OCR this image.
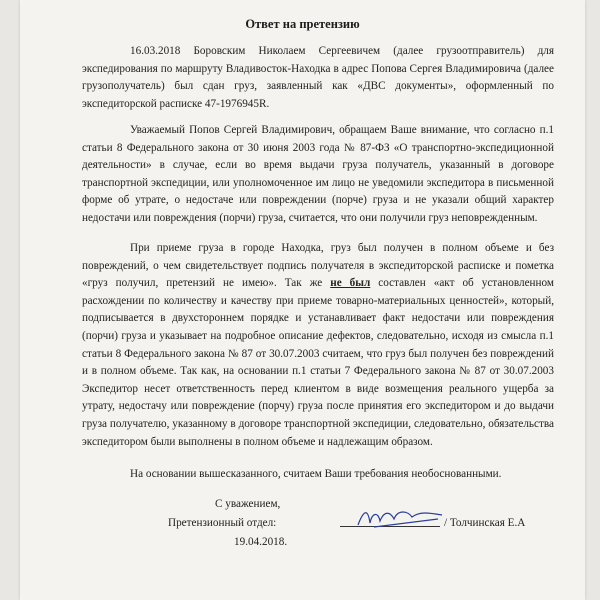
Ответ на претензию
16.03.2018 Боровским Николаем Сергеевичем (далее грузоотправитель) для экспедирования по маршруту Владивосток-Находка в адрес Попова Сергея Владимировича (далее грузополучатель) был сдан груз, заявленный как «ДВС документы», оформленный по экспедиторской расписке 47-1976945R.
Уважаемый Попов Сергей Владимирович, обращаем Ваше внимание, что согласно п.1 статьи 8 Федерального закона от 30 июня 2003 года № 87-ФЗ «О транспортно-экспедиционной деятельности» в случае, если во время выдачи груза получатель, указанный в договоре транспортной экспедиции, или уполномоченное им лицо не уведомили экспедитора в письменной форме об утрате, о недостаче или повреждении (порче) груза и не указали общий характер недостачи или повреждения (порчи) груза, считается, что они получили груз неповрежденным.
При приеме груза в городе Находка, груз был получен в полном объеме и без повреждений, о чем свидетельствует подпись получателя в экспедиторской расписке и пометка «груз получил, претензий не имею». Так же не был составлен «акт об установленном расхождении по количеству и качеству при приеме товарно-материальных ценностей», который, подписывается в двухстороннем порядке и устанавливает факт недостачи или повреждения (порчи) груза и указывает на подробное описание дефектов, следовательно, исходя из смысла п.1 статьи 8 Федерального закона № 87 от 30.07.2003 считаем, что груз был получен без повреждений и в полном объеме. Так как, на основании п.1 статьи 7 Федерального закона № 87 от 30.07.2003 Экспедитор несет ответственность перед клиентом в виде возмещения реального ущерба за утрату, недостачу или повреждение (порчу) груза после принятия его экспедитором и до выдачи груза получателю, указанному в договоре транспортной экспедиции, следовательно, обязательства экспедитором были выполнены в полном объеме и надлежащим образом.
На основании вышесказанного, считаем Ваши требования необоснованными.
С уважением,
Претензионный отдел:
19.04.2018.
/ Толчинская Е.А
